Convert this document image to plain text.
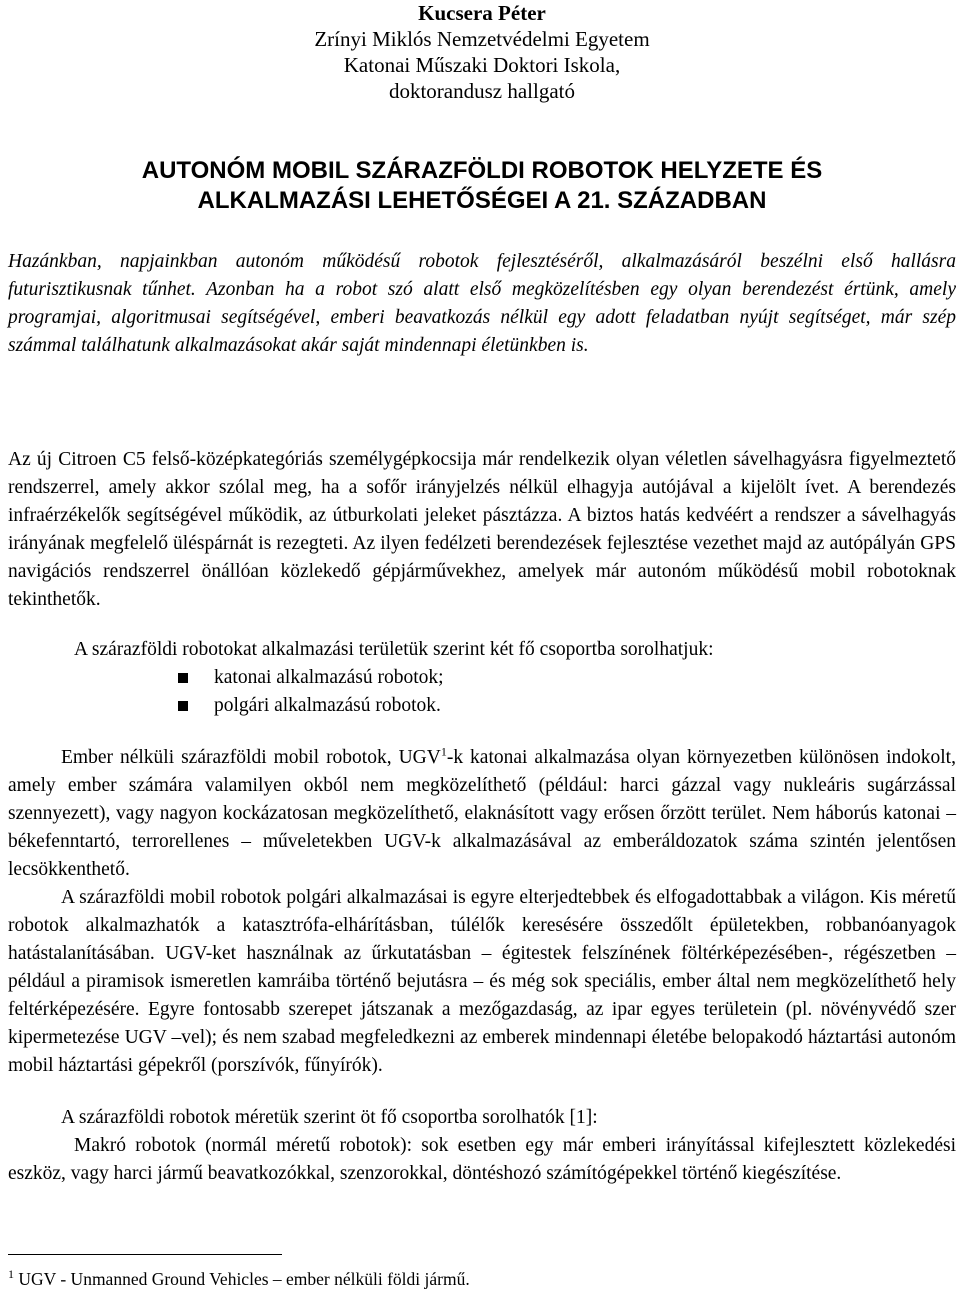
Kucsera Péter
Zrínyi Miklós Nemzetvédelmi Egyetem
Katonai Műszaki Doktori Iskola,
doktorandusz hallgató
AUTONÓM MOBIL SZÁRAZFÖLDI ROBOTOK HELYZETE ÉS
ALKALMAZÁSI LEHETŐSÉGEI A 21. SZÁZADBAN

Hazánkban, napjainkban autonóm működésű robotok fejlesztéséről, alkalmazásáról beszélni első hallásra futurisztikusnak tűnhet. Azonban ha a robot szó alatt első megközelítésben egy olyan berendezést értünk, amely programjai, algoritmusai segítségével, emberi beavatkozás nélkül egy adott feladatban nyújt segítséget, már szép számmal találhatunk alkalmazásokat akár saját mindennapi életünkben is.

Az új Citroen C5 felső-középkategóriás személygépkocsija már rendelkezik olyan véletlen sávelhagyásra figyelmeztető rendszerrel, amely akkor szólal meg, ha a sofőr irányjelzés nélkül elhagyja autójával a kijelölt ívet. A berendezés infraérzékelők segítségével működik, az útburkolati jeleket pásztázza. A biztos hatás kedvéért a rendszer a sávelhagyás irányának megfelelő üléspárnát is rezegteti. Az ilyen fedélzeti berendezések fejlesztése vezethet majd az autópályán GPS navigációs rendszerrel önállóan közlekedő gépjárművekhez, amelyek már autonóm működésű mobil robotoknak tekinthetők.

A szárazföldi robotokat alkalmazási területük szerint két fő csoportba sorolhatjuk:

katonai alkalmazású robotok;
polgári alkalmazású robotok.

Ember nélküli szárazföldi mobil robotok, UGV$^1$-k katonai alkalmazása olyan környezetben különösen indokolt, amely ember számára valamilyen okból nem megközelíthető (például: harci gázzal vagy nukleáris sugárzással szennyezett), vagy nagyon kockázatosan megközelíthető, elaknásított vagy erősen őrzött terület. Nem háborús katonai – békefenntartó, terrorellenes – műveletekben UGV-k alkalmazásával az emberáldozatok száma szintén jelentősen lecsökkenthető.

A szárazföldi mobil robotok polgári alkalmazásai is egyre elterjedtebbek és elfogadottabbak a világon. Kis méretű robotok alkalmazhatók a katasztrófa-elhárításban, túlélők keresésére összedőlt épületekben, robbanóanyagok hatástalanításában. UGV-ket használnak az űrkutatásban – égitestek felszínének föltérképezésében-, régészetben – például a piramisok ismeretlen kamráiba történő bejutásra – és még sok speciális, ember által nem megközelíthető hely feltérképezésére. Egyre fontosabb szerepet játszanak a mezőgazdaság, az ipar egyes területein (pl. növényvédő szer kipermetezése UGV –vel); és nem szabad megfeledkezni az emberek mindennapi életébe belopakodó háztartási autonóm mobil háztartási gépekről (porszívók, fűnyírók).

A szárazföldi robotok méretük szerint öt fő csoportba sorolhatók [1]:

Makró robotok (normál méretű robotok): sok esetben egy már emberi irányítással kifejlesztett közlekedési eszköz, vagy harci jármű beavatkozókkal, szenzorokkal, döntéshozó számítógépekkel történő kiegészítése.

$^1$ UGV - Unmanned Ground Vehicles – ember nélküli földi jármű.
